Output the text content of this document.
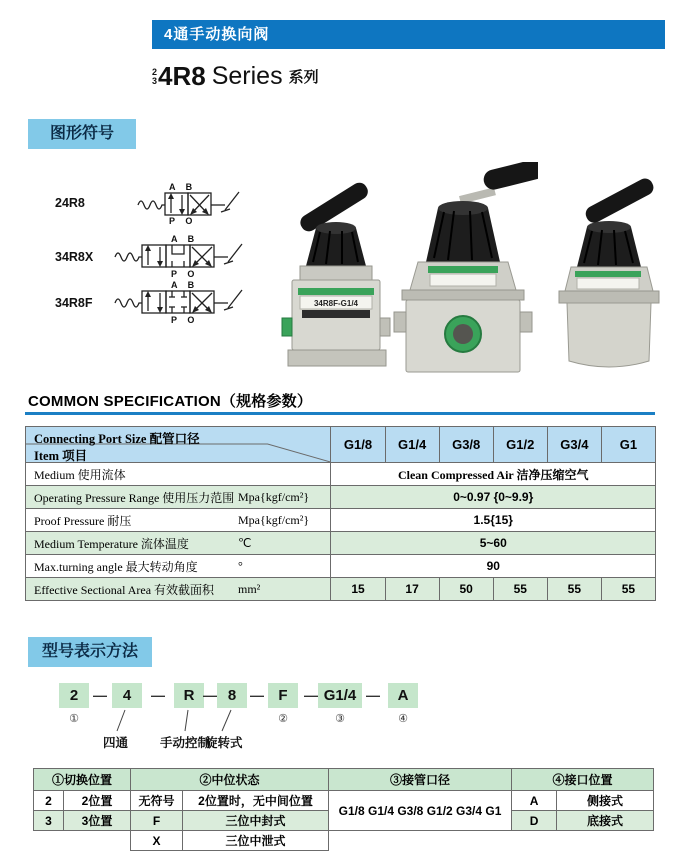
4通手动换向阀
2
3 4R8 Series 系列
图形符号
24R8
A B
P O
34R8X
A B
P O
34R8F
A B
P O
34R8F-G1/4
COMMON SPECIFICATION（规格参数）
Connecting Port Size 配管口径
Item 项目	G1/8	G1/4	G3/8	G1/2	G3/4	G1
Medium 使用流体	Clean Compressed Air 洁净压缩空气					
Operating Pressure Range 使用压力范围 Mpa{kgf/cm²}	0~0.97 {0~9.9}					
Proof Pressure 耐压 Mpa{kgf/cm²}	1.5{15}					
Medium Temperature 流体温度 ℃	5~60					
Max.turning angle 最大转动角度 °	90					
Effective Sectional Area 有效截面积 mm²	15	17	50	55	55	55
型号表示方法
2	—	4	—	R — 8 — F	— G1/4 —	A
①	②	③	④
四通	手动控制
旋转式
①切换位置		②中位状态		③接管口径	④接口位置	
2	2位置	无符号	2位置时，无中间位置	G1/8 G1/4 G3/8 G1/2 G3/4 G1	A	侧接式
3	3位置	F	三位中封式		D	底接式
		X	三位中泄式			
